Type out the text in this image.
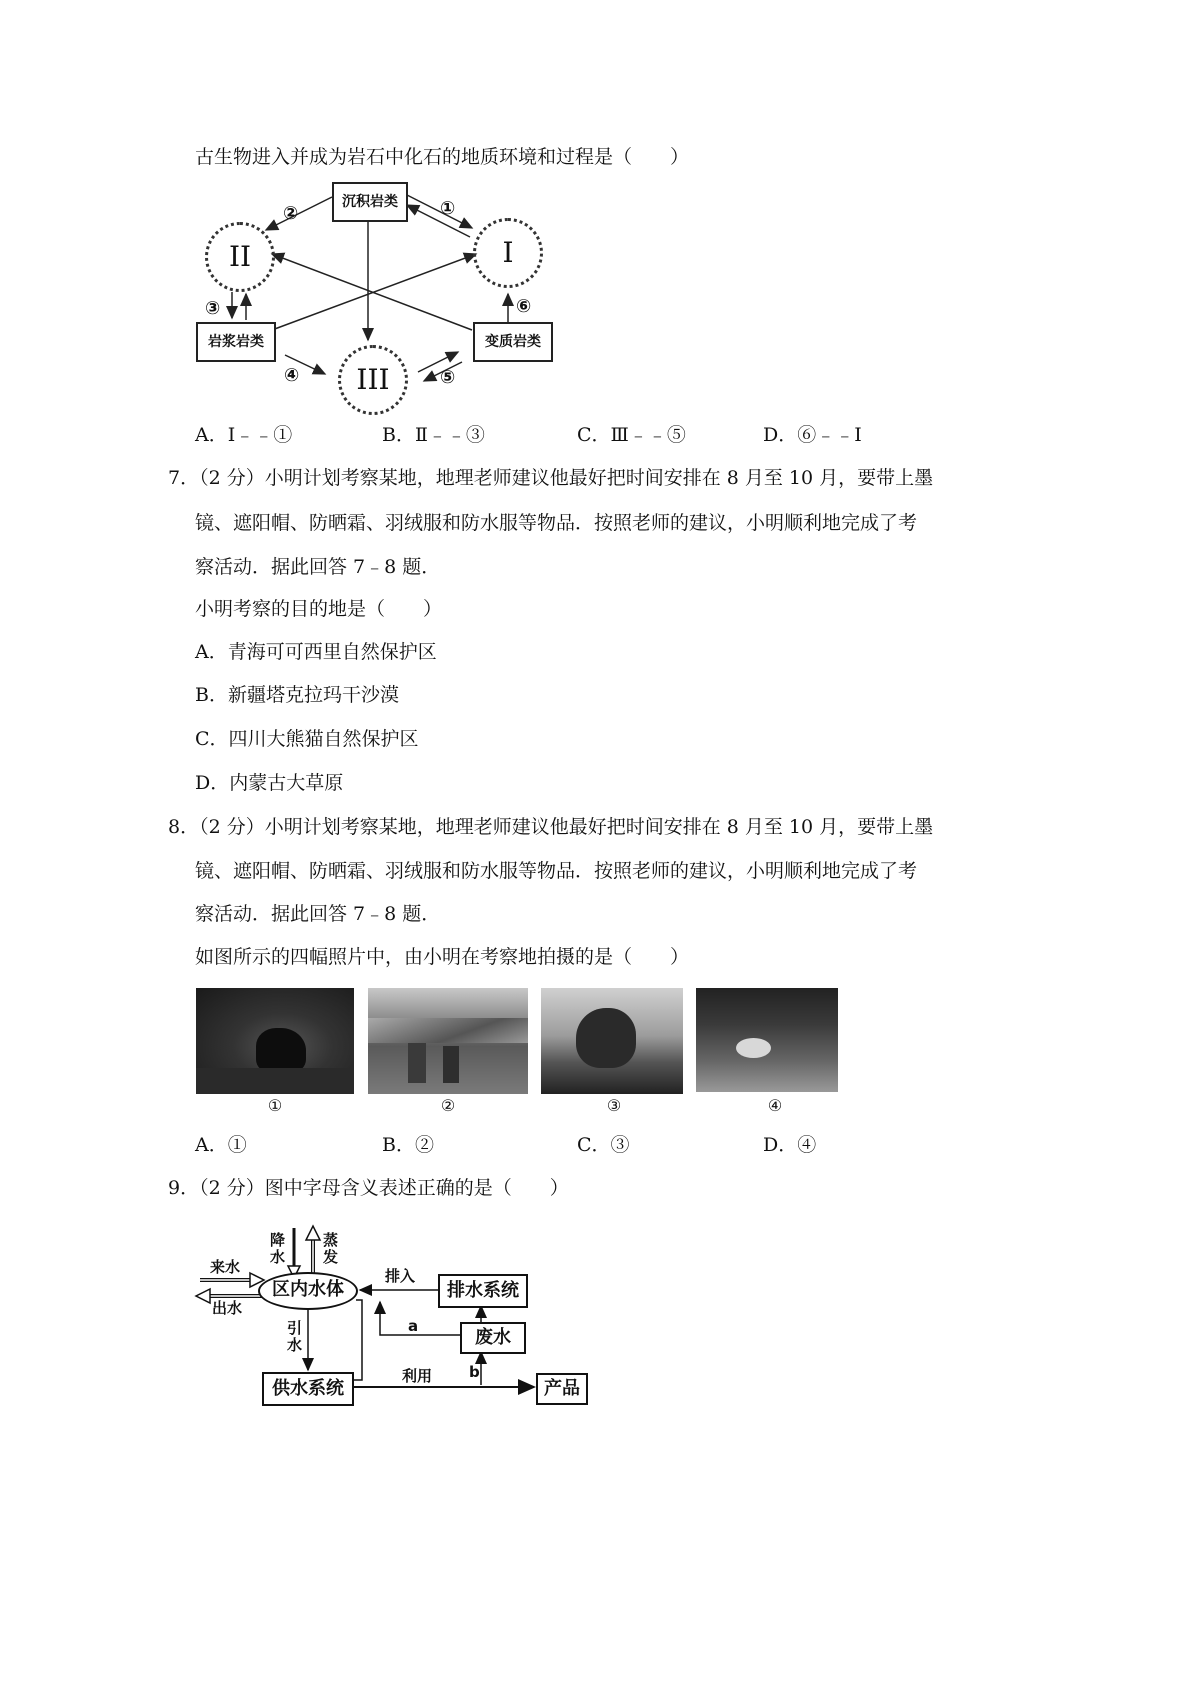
古生物进入并成为岩石中化石的地质环境和过程是（　　）
沉积岩类
岩浆岩类	变质岩类
II	I
III
①
②
③
④	⑤
⑥
A．I﹣﹣①	B．Ⅱ﹣﹣③	C．Ⅲ﹣﹣⑤	D．⑥﹣﹣I
7．（2 分）小明计划考察某地，地理老师建议他最好把时间安排在 8 月至 10 月，要带上墨
镜、遮阳帽、防晒霜、羽绒服和防水服等物品．按照老师的建议，小明顺利地完成了考
察活动．据此回答 7﹣8 题．
小明考察的目的地是（　　）
A．青海可可西里自然保护区
B．新疆塔克拉玛干沙漠
C．四川大熊猫自然保护区
D．内蒙古大草原
8．（2 分）小明计划考察某地，地理老师建议他最好把时间安排在 8 月至 10 月，要带上墨
镜、遮阳帽、防晒霜、羽绒服和防水服等物品．按照老师的建议，小明顺利地完成了考
察活动．据此回答 7﹣8 题．
如图所示的四幅照片中，由小明在考察地拍摄的是（　　）
①	②	③	④
A．①	B．②	C．③	D．④
9．（2 分）图中字母含义表述正确的是（　　）
区内水体	排水系统
废水
供水系统	产品
降水
蒸发
来水
出水
排入
引水
利用
a
b
